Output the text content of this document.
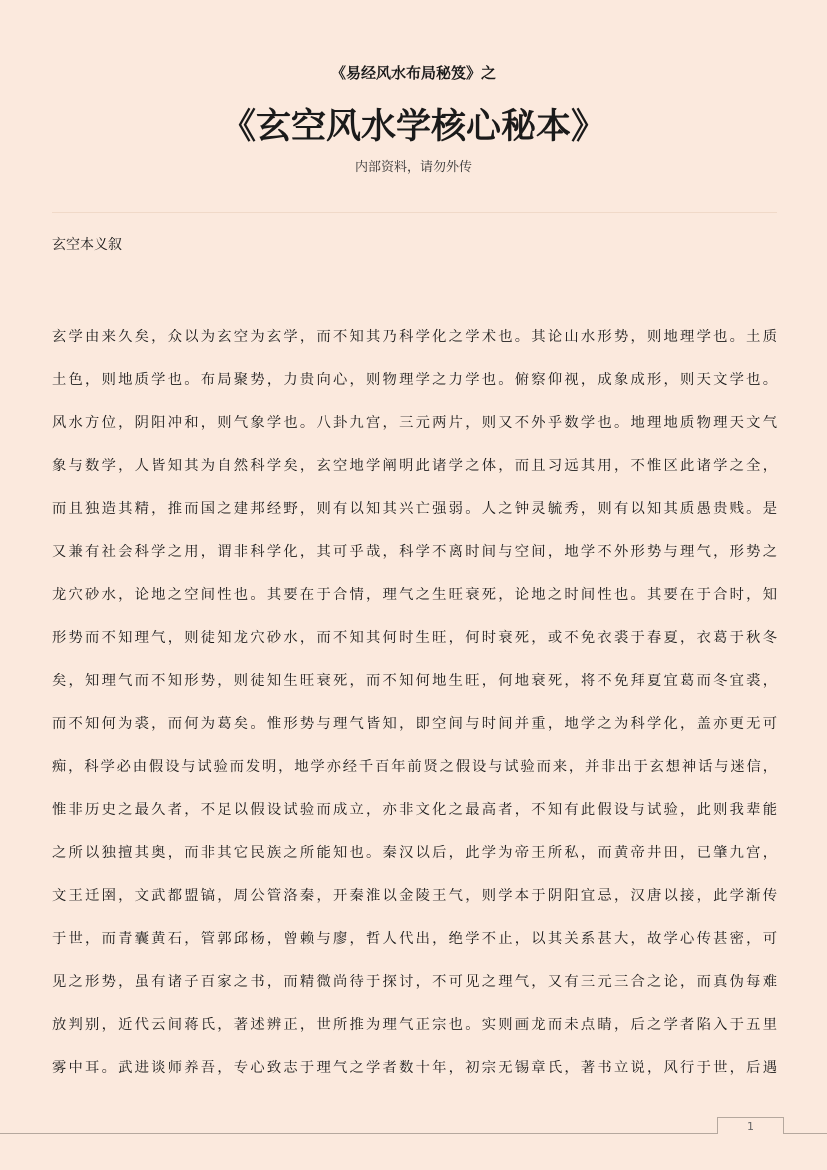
《易经风水布局秘笈》之
《玄空风水学核心秘本》
内部资料，请勿外传
玄空本义叙
玄学由来久矣，众以为玄空为玄学，而不知其乃科学化之学术也。其论山水形势，则地理学也。土质
土色，则地质学也。布局聚势，力贵向心，则物理学之力学也。俯察仰视，成象成形，则天文学也。
风水方位，阴阳冲和，则气象学也。八卦九宫，三元两片，则又不外乎数学也。地理地质物理天文气
象与数学，人皆知其为自然科学矣，玄空地学阐明此诸学之体，而且习远其用，不惟区此诸学之全，
而且独造其精，推而国之建邦经野，则有以知其兴亡强弱。人之钟灵毓秀，则有以知其质愚贵贱。是
又兼有社会科学之用，谓非科学化，其可乎哉，科学不离时间与空间，地学不外形势与理气，形势之
龙穴砂水，论地之空间性也。其要在于合情，理气之生旺衰死，论地之时间性也。其要在于合时，知
形势而不知理气，则徒知龙穴砂水，而不知其何时生旺，何时衰死，或不免衣裘于春夏，衣葛于秋冬
矣，知理气而不知形势，则徒知生旺衰死，而不知何地生旺，何地衰死，将不免拜夏宜葛而冬宜裘，
而不知何为裘，而何为葛矣。惟形势与理气皆知，即空间与时间并重，地学之为科学化，盖亦更无可
痴，科学必由假设与试验而发明，地学亦经千百年前贤之假设与试验而来，并非出于玄想神话与迷信，
惟非历史之最久者，不足以假设试验而成立，亦非文化之最高者，不知有此假设与试验，此则我辈能
之所以独擅其奥，而非其它民族之所能知也。秦汉以后，此学为帝王所私，而黄帝井田，已肇九宫，
文王迁圉，文武都盟镐，周公管洛秦，开秦淮以金陵王气，则学本于阴阳宜忌，汉唐以接，此学渐传
于世，而青囊黄石，管郭邱杨，曾赖与廖，哲人代出，绝学不止，以其关系甚大，故学心传甚密，可
见之形势，虽有诸子百家之书，而精微尚待于探讨，不可见之理气，又有三元三合之论，而真伪每难
放判别，近代云间蒋氏，著述辨正，世所推为理气正宗也。实则画龙而未点睛，后之学者陷入于五里
雾中耳。武进谈师养吾，专心致志于理气之学者数十年，初宗无锡章氏，著书立说，风行于世，后遇
1
